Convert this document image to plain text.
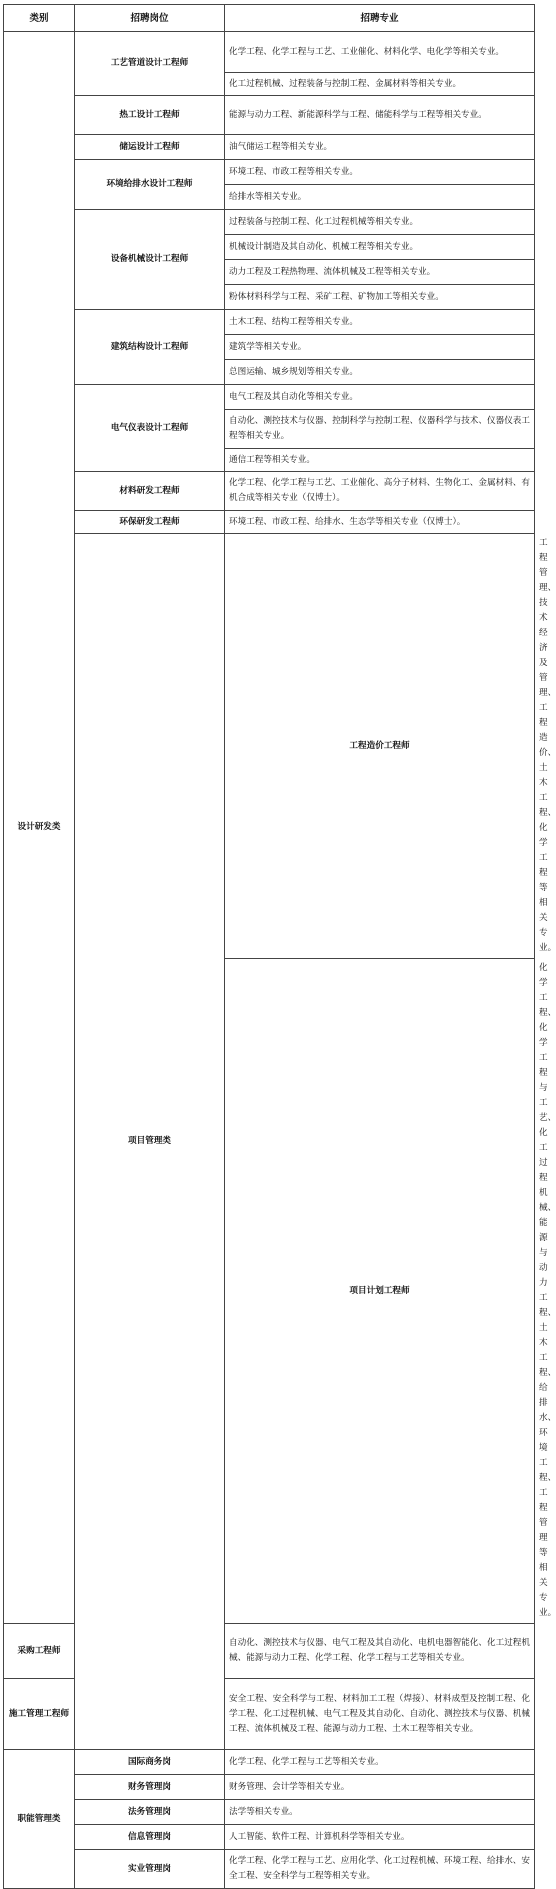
类别	招聘岗位	招聘专业	
设计研发类	工艺管道设计工程师	化学工程、化学工程与工艺、工业催化、材料化学、电化学等相关专业。	
		化工过程机械、过程装备与控制工程、金属材料等相关专业。	
	热工设计工程师	能源与动力工程、新能源科学与工程、储能科学与工程等相关专业。	
	储运设计工程师	油气储运工程等相关专业。	
	环境给排水设计工程师	环境工程、市政工程等相关专业。	
		给排水等相关专业。	
	设备机械设计工程师	过程装备与控制工程、化工过程机械等相关专业。	
		机械设计制造及其自动化、机械工程等相关专业。	
		动力工程及工程热物理、流体机械及工程等相关专业。	
		粉体材料科学与工程、采矿工程、矿物加工等相关专业。	
	建筑结构设计工程师	土木工程、结构工程等相关专业。	
		建筑学等相关专业。	
		总图运输、城乡规划等相关专业。	
	电气仪表设计工程师	电气工程及其自动化等相关专业。	
		自动化、测控技术与仪器、控制科学与控制工程、仪器科学与技术、仪器仪表工程等相关专业。	
		通信工程等相关专业。	
	材料研发工程师	化学工程、化学工程与工艺、工业催化、高分子材料、生物化工、金属材料、有机合成等相关专业（仅博士）。	
	环保研发工程师	环境工程、市政工程、给排水、生态学等相关专业（仅博士）。	
	项目管理类	工程造价工程师	工程管理、技术经济及管理、工程造价、土木工程、化学工程等相关专业。
		项目计划工程师	化学工程、化学工程与工艺、化工过程机械、能源与动力工程、土木工程、给排水、环境工程、工程管理等相关专业。
采购工程师		自动化、测控技术与仪器、电气工程及其自动化、电机电器智能化、化工过程机械、能源与动力工程、化学工程、化学工程与工艺等相关专业。	
施工管理工程师		安全工程、安全科学与工程、材料加工工程（焊接）、材料成型及控制工程、化学工程、化工过程机械、电气工程及其自动化、自动化、测控技术与仪器、机械工程、流体机械及工程、能源与动力工程、土木工程等相关专业。	
职能管理类	国际商务岗	化学工程、化学工程与工艺等相关专业。	
	财务管理岗	财务管理、会计学等相关专业。	
	法务管理岗	法学等相关专业。	
	信息管理岗	人工智能、软件工程、计算机科学等相关专业。	
	实业管理岗	化学工程、化学工程与工艺、应用化学、化工过程机械、环境工程、给排水、安全工程、安全科学与工程等相关专业。	
